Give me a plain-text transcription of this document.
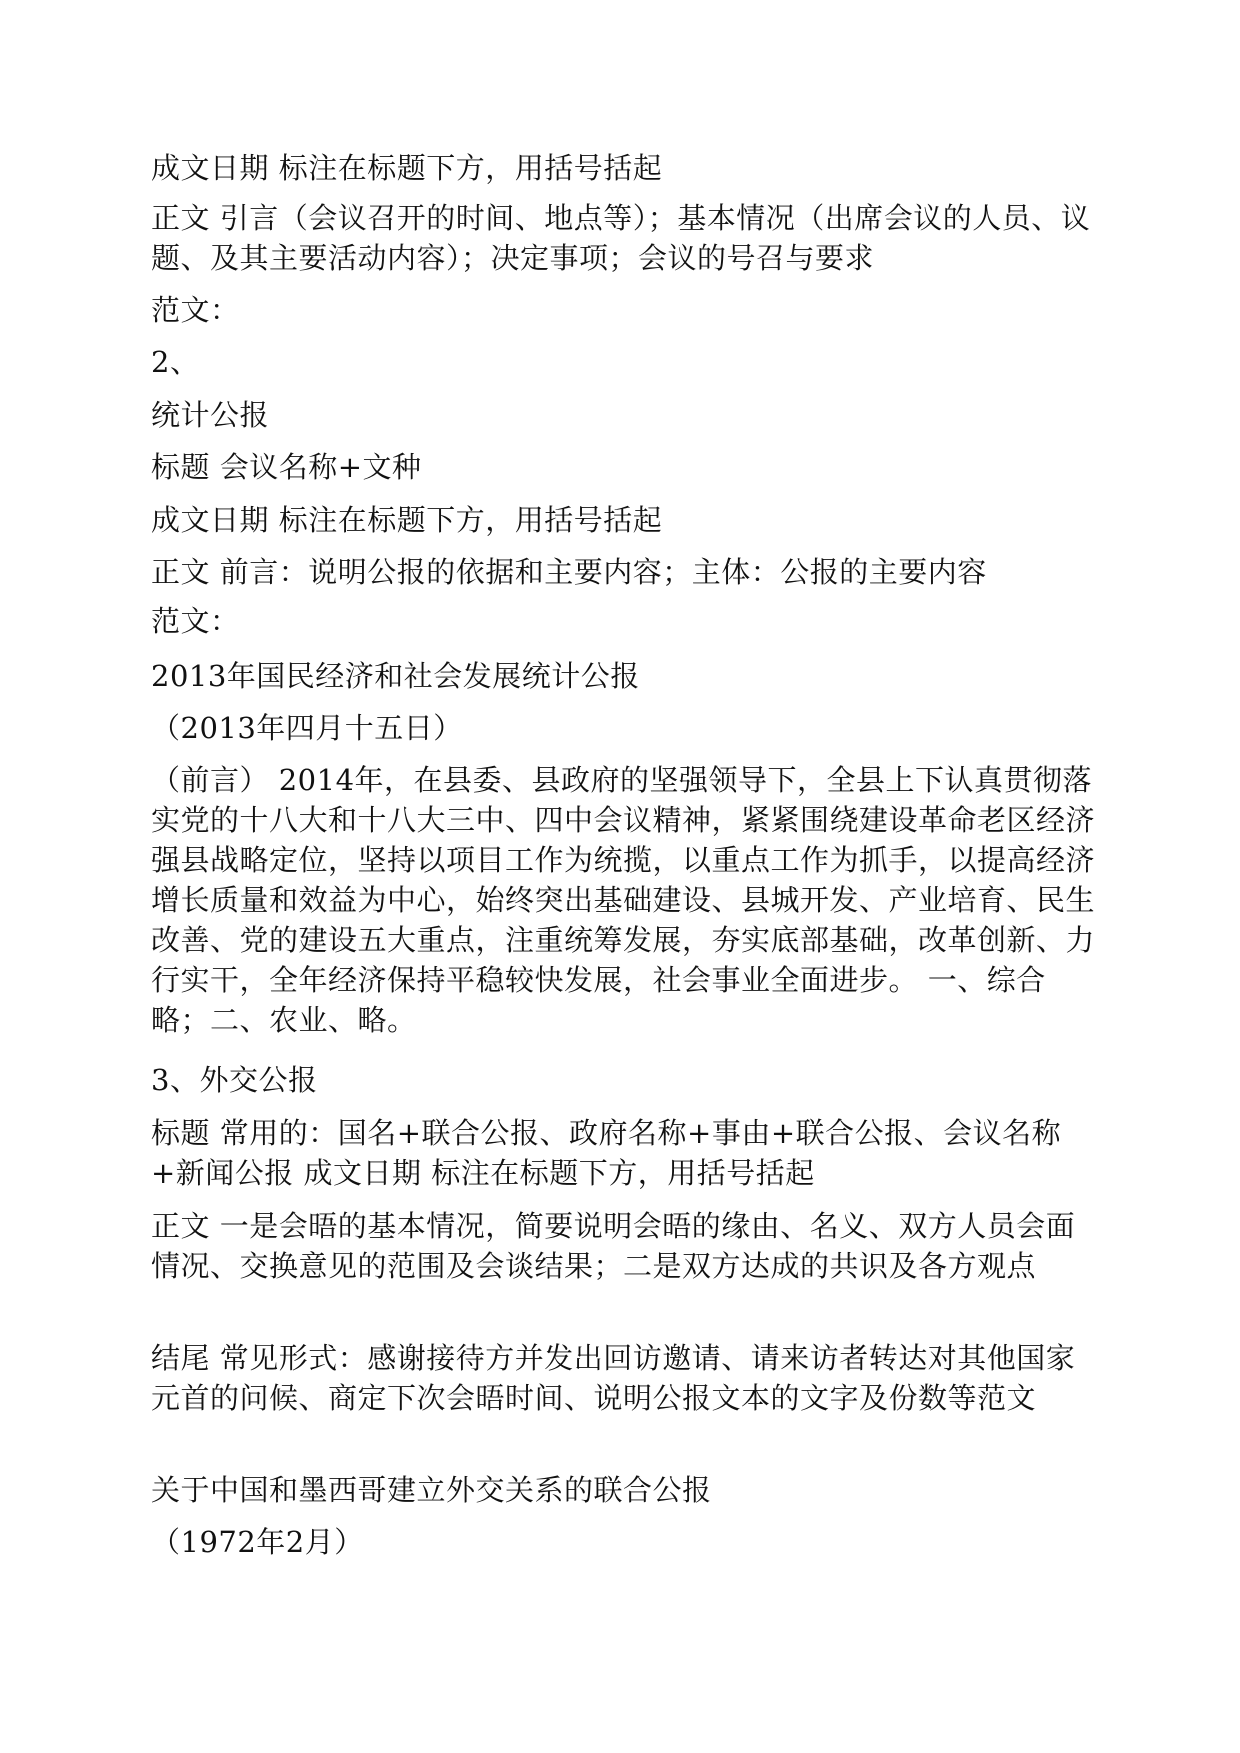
成文日期 标注在标题下方，用括号括起

正文 引言（会议召开的时间、地点等）；基本情况（出席会议的人员、议题、及其主要活动内容）；决定事项；会议的号召与要求

范文：

2、

统计公报

标题 会议名称+文种

成文日期 标注在标题下方，用括号括起

正文 前言：说明公报的依据和主要内容；主体：公报的主要内容

范文：

2013年国民经济和社会发展统计公报

（2013年四月十五日）

（前言） 2014年，在县委、县政府的坚强领导下，全县上下认真贯彻落实党的十八大和十八大三中、四中会议精神，紧紧围绕建设革命老区经济强县战略定位，坚持以项目工作为统揽，以重点工作为抓手，以提高经济增长质量和效益为中心，始终突出基础建设、县城开发、产业培育、民生改善、党的建设五大重点，注重统筹发展，夯实底部基础，改革创新、力行实干，全年经济保持平稳较快发展，社会事业全面进步。 一、综合 略；二、农业、略。

3、外交公报

标题 常用的：国名+联合公报、政府名称+事由+联合公报、会议名称+新闻公报 成文日期 标注在标题下方，用括号括起

正文 一是会晤的基本情况，简要说明会晤的缘由、名义、双方人员会面情况、交换意见的范围及会谈结果；二是双方达成的共识及各方观点

结尾 常见形式：感谢接待方并发出回访邀请、请来访者转达对其他国家元首的问候、商定下次会晤时间、说明公报文本的文字及份数等范文

关于中国和墨西哥建立外交关系的联合公报

（1972年2月）
